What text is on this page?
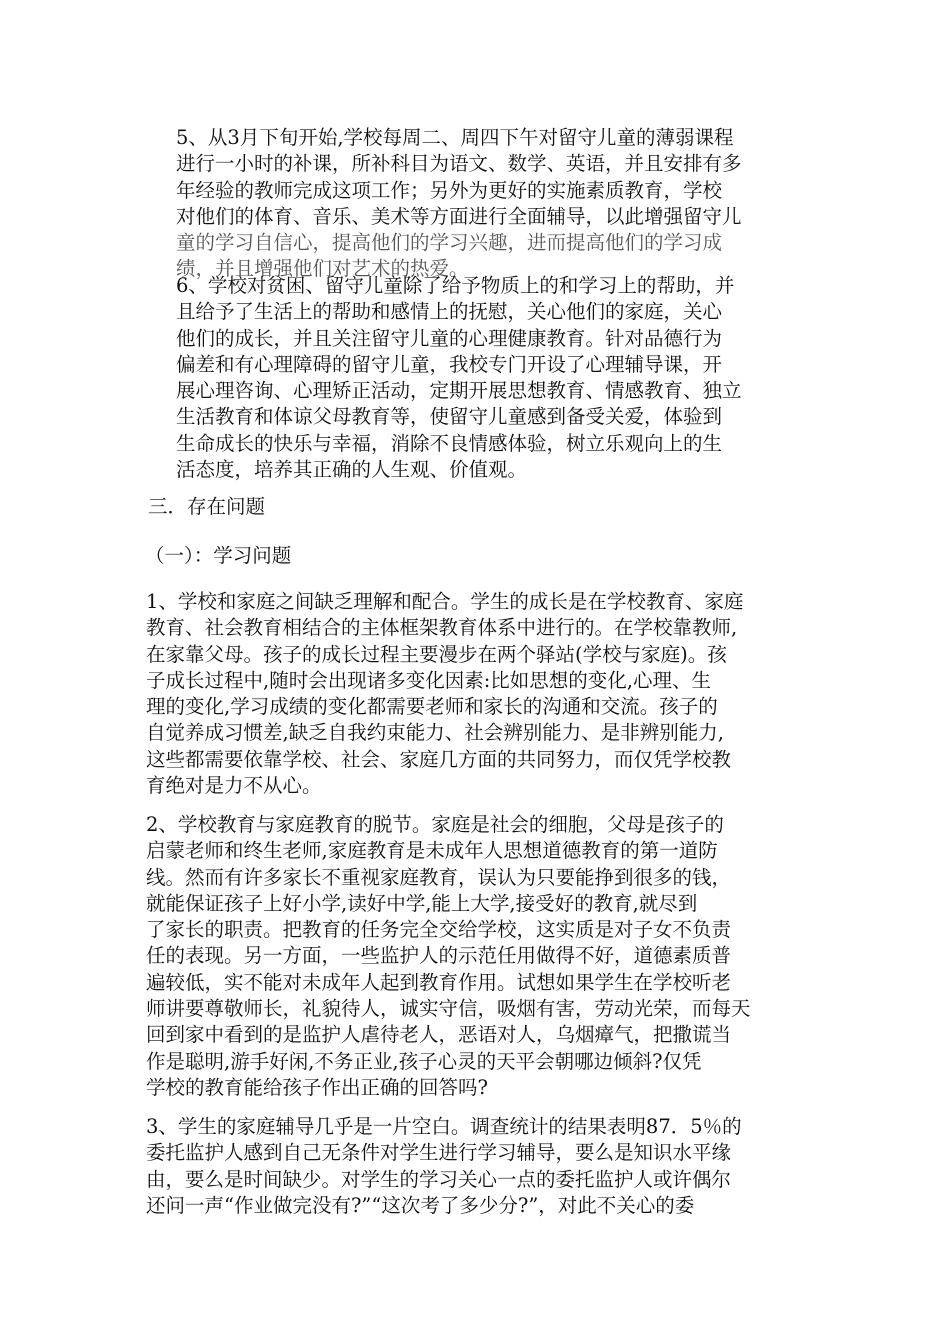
5、从3月下旬开始,学校每周二、周四下午对留守儿童的薄弱课程
进行一小时的补课，所补科目为语文、数学、英语，并且安排有多
年经验的教师完成这项工作；另外为更好的实施素质教育，学校
对他们的体育、音乐、美术等方面进行全面辅导，以此增强留守儿
童的学习自信心，提高他们的学习兴趣，进而提高他们的学习成
绩，并且增强他们对艺术的热爱。
6、学校对贫困、留守儿童除了给予物质上的和学习上的帮助，并
且给予了生活上的帮助和感情上的抚慰，关心他们的家庭，关心
他们的成长，并且关注留守儿童的心理健康教育。针对品德行为
偏差和有心理障碍的留守儿童，我校专门开设了心理辅导课，开
展心理咨询、心理矫正活动，定期开展思想教育、情感教育、独立
生活教育和体谅父母教育等，使留守儿童感到备受关爱，体验到
生命成长的快乐与幸福，消除不良情感体验，树立乐观向上的生
活态度，培养其正确的人生观、价值观。
三．存在问题
（一）：学习问题
1、学校和家庭之间缺乏理解和配合。学生的成长是在学校教育、家庭
教育、社会教育相结合的主体框架教育体系中进行的。在学校靠教师,
在家靠父母。孩子的成长过程主要漫步在两个驿站(学校与家庭)。孩
子成长过程中,随时会出现诸多变化因素:比如思想的变化,心理、生
理的变化,学习成绩的变化都需要老师和家长的沟通和交流。孩子的
自觉养成习惯差,缺乏自我约束能力、社会辨别能力、是非辨别能力,
这些都需要依靠学校、社会、家庭几方面的共同努力，而仅凭学校教
育绝对是力不从心。
2、学校教育与家庭教育的脱节。家庭是社会的细胞，父母是孩子的
启蒙老师和终生老师,家庭教育是未成年人思想道德教育的第一道防
线。然而有许多家长不重视家庭教育，误认为只要能挣到很多的钱，
就能保证孩子上好小学,读好中学,能上大学,接受好的教育,就尽到
了家长的职责。把教育的任务完全交给学校，这实质是对子女不负责
任的表现。另一方面，一些监护人的示范任用做得不好，道德素质普
遍较低，实不能对未成年人起到教育作用。试想如果学生在学校听老
师讲要尊敬师长，礼貌待人，诚实守信，吸烟有害，劳动光荣，而每天
回到家中看到的是监护人虐待老人，恶语对人，乌烟瘴气，把撒谎当
作是聪明,游手好闲,不务正业,孩子心灵的天平会朝哪边倾斜?仅凭
学校的教育能给孩子作出正确的回答吗?
3、学生的家庭辅导几乎是一片空白。调查统计的结果表明87．5％的
委托监护人感到自己无条件对学生进行学习辅导，要么是知识水平缘
由，要么是时间缺少。对学生的学习关心一点的委托监护人或许偶尔
还问一声“作业做完没有?”“这次考了多少分?”，对此不关心的委
